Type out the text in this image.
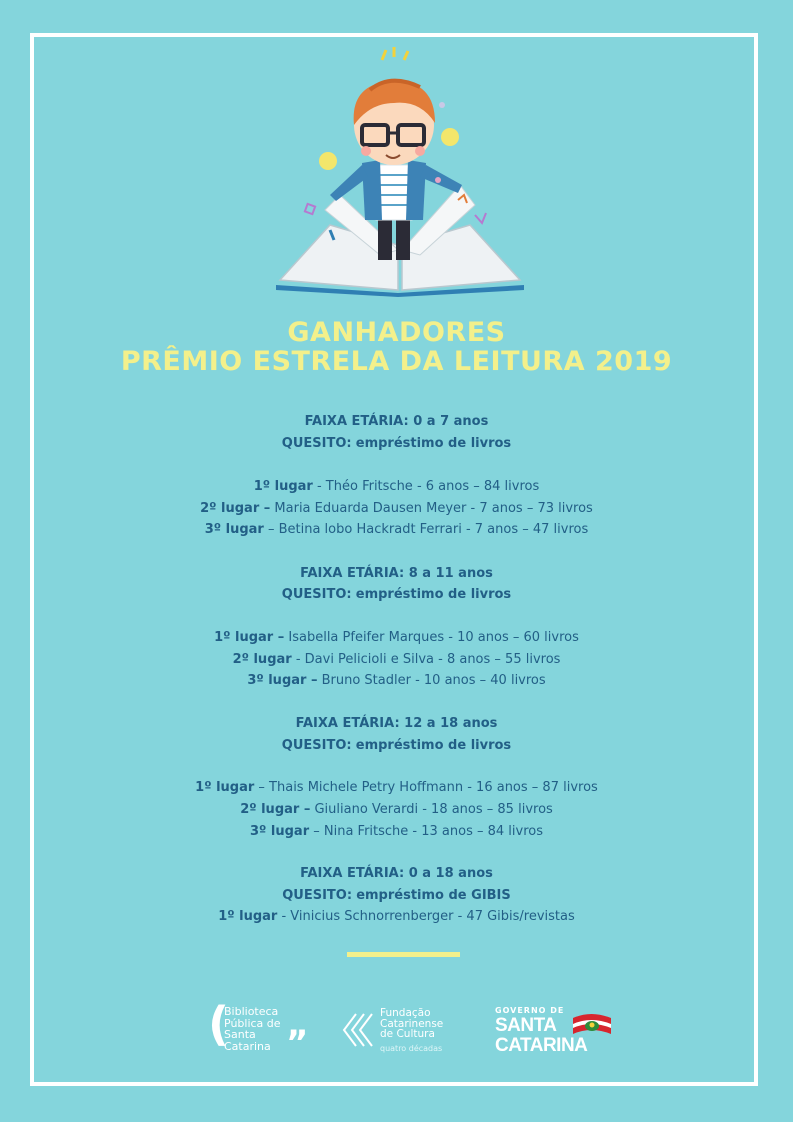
GANHADORES
PRÊMIO ESTRELA DA LEITURA 2019
FAIXA ETÁRIA: 0 a 7 anos
QUESITO: empréstimo de livros
1º lugar - Théo Fritsche - 6 anos – 84 livros
2º lugar – Maria Eduarda Dausen Meyer - 7 anos – 73 livros
3º lugar – Betina lobo Hackradt Ferrari - 7 anos – 47 livros
FAIXA ETÁRIA: 8 a 11 anos
QUESITO: empréstimo de livros
1º lugar – Isabella Pfeifer Marques - 10 anos – 60 livros
2º lugar - Davi Pelicioli e Silva - 8 anos – 55 livros
3º lugar – Bruno Stadler - 10 anos – 40 livros
FAIXA ETÁRIA: 12 a 18 anos
QUESITO: empréstimo de livros
1º lugar – Thais Michele Petry Hoffmann - 16 anos – 87 livros
2º lugar – Giuliano Verardi - 18 anos – 85 livros
3º lugar – Nina Fritsche - 13 anos – 84 livros
FAIXA ETÁRIA: 0 a 18 anos
QUESITO: empréstimo de GIBIS
1º lugar - Vinicius Schnorrenberger - 47 Gibis/revistas
(
Biblioteca
Pública de
Santa
Catarina ”
Fundação
Catarinense
de Cultura
quatro décadas
GOVERNO DE
SANTA
CATARINA
